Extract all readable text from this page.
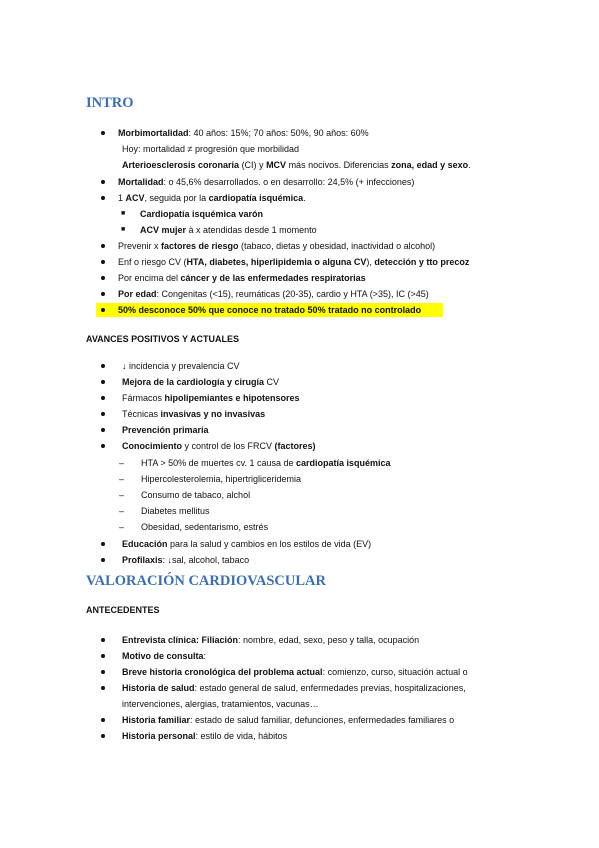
INTRO
Morbimortalidad: 40 años: 15%; 70 años: 50%, 90 años: 60%
Hoy: mortalidad ≠ progresión que morbilidad
Arterioesclerosis coronaria (CI) y MCV más nocivos. Diferencias zona, edad y sexo.
Mortalidad: o 45,6% desarrollados. o en desarrollo: 24,5% (+ infecciones)
1 ACV, seguida por la cardiopatía isquémica.
■ Cardiopatía isquémica varón
■ ACV mujer à x atendidas desde 1 momento
Prevenir x factores de riesgo (tabaco, dietas y obesidad, inactividad o alcohol)
Enf o riesgo CV (HTA, diabetes, hiperlipidemia o alguna CV), detección y tto precoz
Por encima del cáncer y de las enfermedades respiratorias
Por edad: Congenitas (<15), reumáticas (20-35), cardio y HTA (>35), IC (>45)
50% desconoce 50% que conoce no tratado 50% tratado no controlado
AVANCES POSITIVOS Y ACTUALES
↓ incidencia y prevalencia CV
Mejora de la cardiología y cirugía CV
Fármacos hipolipemiantes e hipotensores
Técnicas invasivas y no invasivas
Prevención primaria
Conocimiento y control de los FRCV (factores)
– HTA > 50% de muertes cv. 1 causa de cardiopatía isquémica
– Hipercolesterolemia, hipertrigliceridemia
– Consumo de tabaco, alchol
– Diabetes mellitus
– Obesidad, sedentarismo, estrés
Educación para la salud y cambios en los estilos de vida (EV)
Profilaxis: ↓sal, alcohol, tabaco
VALORACIÓN CARDIOVASCULAR
ANTECEDENTES
Entrevista clínica: Filiación: nombre, edad, sexo, peso y talla, ocupación
Motivo de consulta:
Breve historia cronológica del problema actual: comienzo, curso, situación actual o
Historia de salud: estado general de salud, enfermedades previas, hospitalizaciones,
intervenciones, alergias, tratamientos, vacunas…
Historia familiar: estado de salud familiar, defunciones, enfermedades familiares o
Historia personal: estilo de vida, hábitos
